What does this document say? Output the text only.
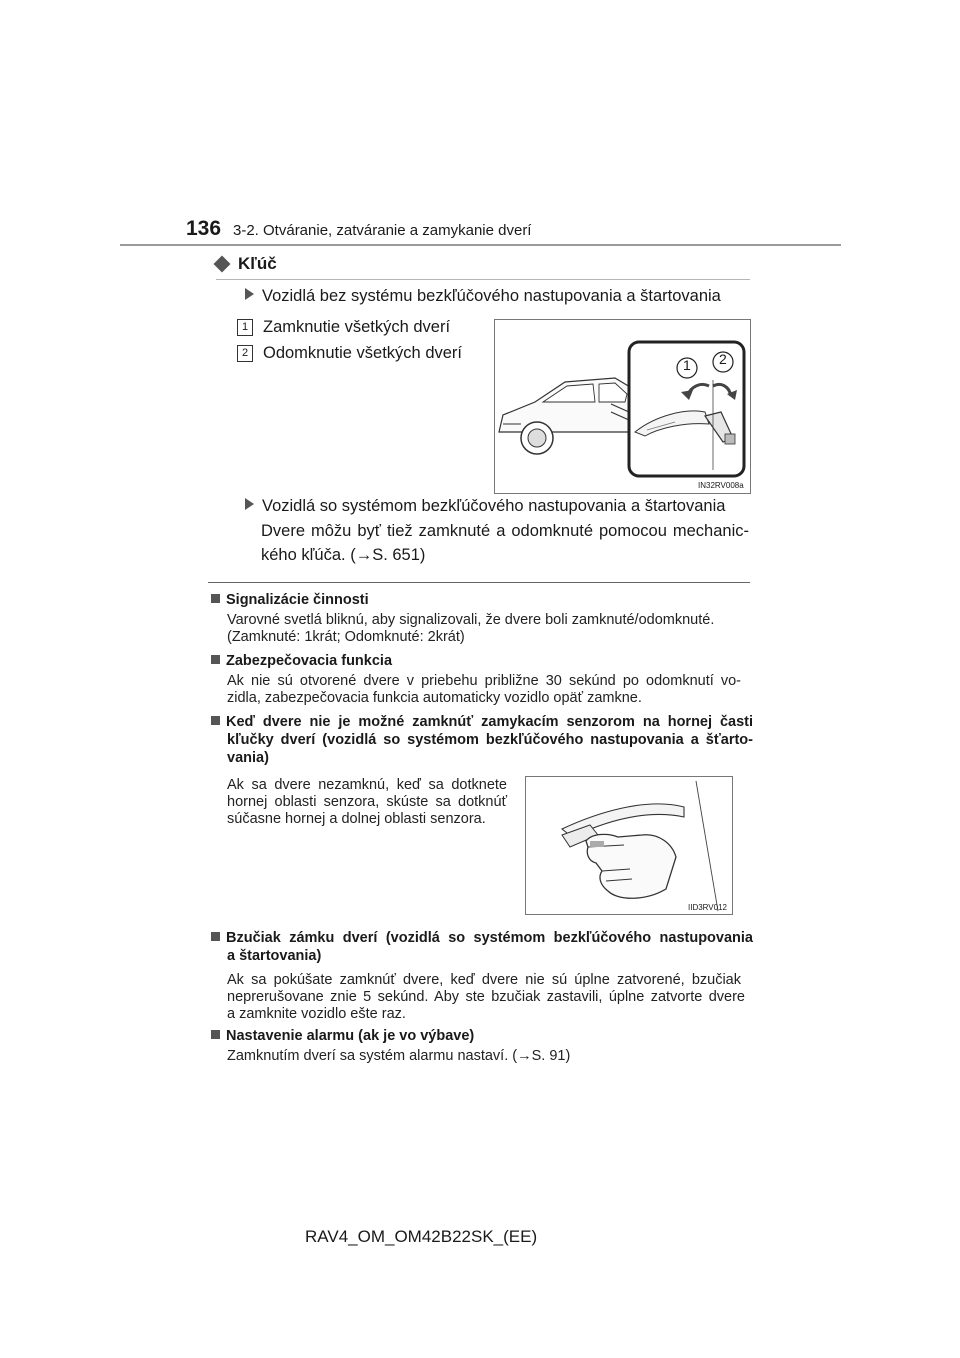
136 3-2. Otváranie, zatváranie a zamykanie dverí
Kľúč
Vozidlá bez systému bezkľúčového nastupovania a štartovania
1 Zamknutie všetkých dverí
2 Odomknutie všetkých dverí
1 2
IN32RV008a
Vozidlá so systémom bezkľúčového nastupovania a štartovania
Dvere môžu byť tiež zamknuté a odomknuté pomocou mechanic-
kého kľúča. (→S. 651)
Signalizácie činnosti
Varovné svetlá bliknú, aby signalizovali, že dvere boli zamknuté/odomknuté.
(Zamknuté: 1krát; Odomknuté: 2krát)
Zabezpečovacia funkcia
Ak nie sú otvorené dvere v priebehu približne 30 sekúnd po odomknutí vo-
zidla, zabezpečovacia funkcia automaticky vozidlo opäť zamkne.
Keď dvere nie je možné zamknúť zamykacím senzorom na hornej časti
kľučky dverí (vozidlá so systémom bezkľúčového nastupovania a šťarto-
vania)
Ak sa dvere nezamknú, keď sa dotknete
hornej oblasti senzora, skúste sa dotknúť
súčasne hornej a dolnej oblasti senzora.
IID3RV012
Bzučiak zámku dverí (vozidlá so systémom bezkľúčového nastupovania
a štartovania)
Ak sa pokúšate zamknúť dvere, keď dvere nie sú úplne zatvorené, bzučiak
neprerušovane znie 5 sekúnd. Aby ste bzučiak zastavili, úplne zatvorte dvere
a zamknite vozidlo ešte raz.
Nastavenie alarmu (ak je vo výbave)
Zamknutím dverí sa systém alarmu nastaví. (→S. 91)
RAV4_OM_OM42B22SK_(EE)
